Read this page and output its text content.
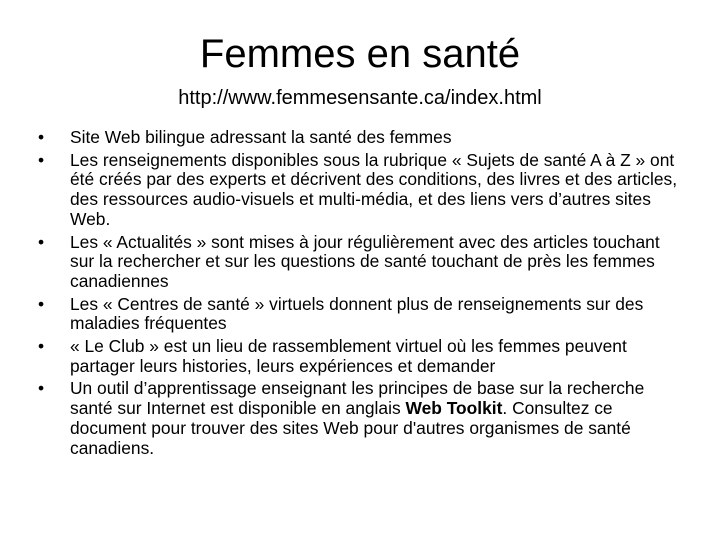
Femmes en santé

http://www.femmesensante.ca/index.html

•	Site Web bilingue adressant la santé des femmes
•	Les renseignements disponibles sous la rubrique « Sujets de santé A à Z » ont été créés par des experts et décrivent des conditions, des livres et des articles, des ressources audio-visuels et multi-média, et des liens vers d’autres sites Web.
•	Les « Actualités » sont mises à jour régulièrement avec des articles touchant sur la rechercher et sur les questions de santé touchant de près les femmes canadiennes
•	Les « Centres de santé » virtuels donnent plus de renseignements sur des maladies fréquentes
•	« Le Club » est un lieu de rassemblement virtuel où les femmes peuvent partager leurs histories, leurs expériences et demander
•	Un outil d’apprentissage enseignant les principes de base sur la recherche santé sur Internet est disponible en anglais Web Toolkit. Consultez ce document pour trouver des sites Web pour d'autres organismes de santé canadiens.
